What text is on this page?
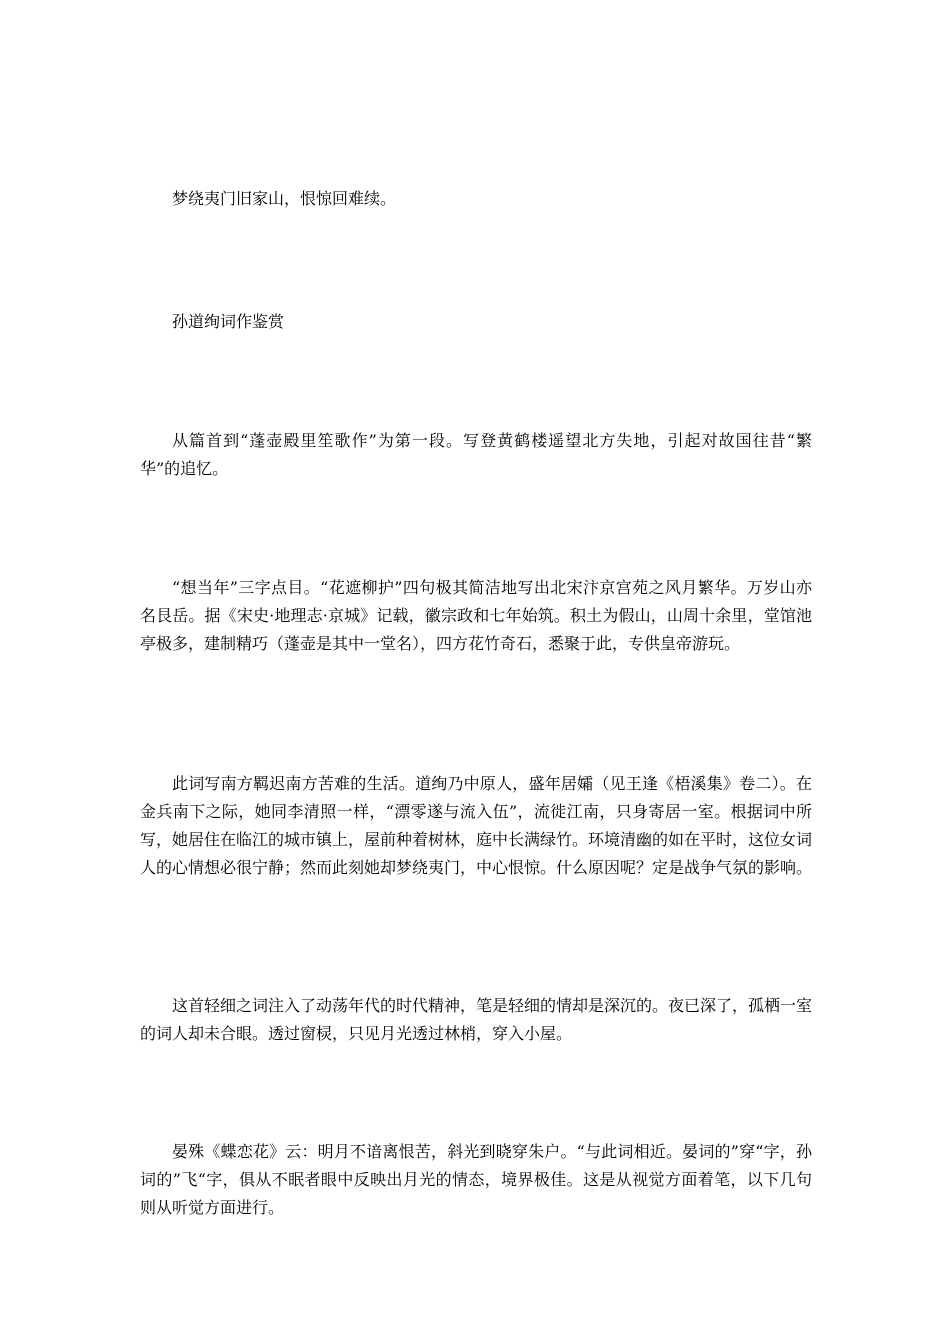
梦绕夷门旧家山，恨惊回难续。

孙道绚词作鉴赏

从篇首到“蓬壶殿里笙歌作”为第一段。写登黄鹤楼遥望北方失地，引起对故国往昔“繁华”的追忆。

“想当年”三字点目。“花遮柳护”四句极其简洁地写出北宋汴京宫苑之风月繁华。万岁山亦名艮岳。据《宋史·地理志·京城》记载，徽宗政和七年始筑。积土为假山，山周十余里，堂馆池亭极多，建制精巧（蓬壶是其中一堂名），四方花竹奇石，悉聚于此，专供皇帝游玩。

此词写南方羁迟南方苦难的生活。道绚乃中原人，盛年居孀（见王逢《梧溪集》卷二）。在金兵南下之际，她同李清照一样，“漂零遂与流入伍”，流徙江南，只身寄居一室。根据词中所写，她居住在临江的城市镇上，屋前种着树林，庭中长满绿竹。环境清幽的如在平时，这位女词人的心情想必很宁静；然而此刻她却梦绕夷门，中心恨惊。什么原因呢？定是战争气氛的影响。

这首轻细之词注入了动荡年代的时代精神，笔是轻细的情却是深沉的。夜已深了，孤栖一室的词人却未合眼。透过窗棂，只见月光透过林梢，穿入小屋。

晏殊《蝶恋花》云：明月不谙离恨苦，斜光到晓穿朱户。“与此词相近。晏词的”穿“字，孙词的”飞“字，俱从不眠者眼中反映出月光的情态，境界极佳。这是从视觉方面着笔，以下几句则从听觉方面进行。
